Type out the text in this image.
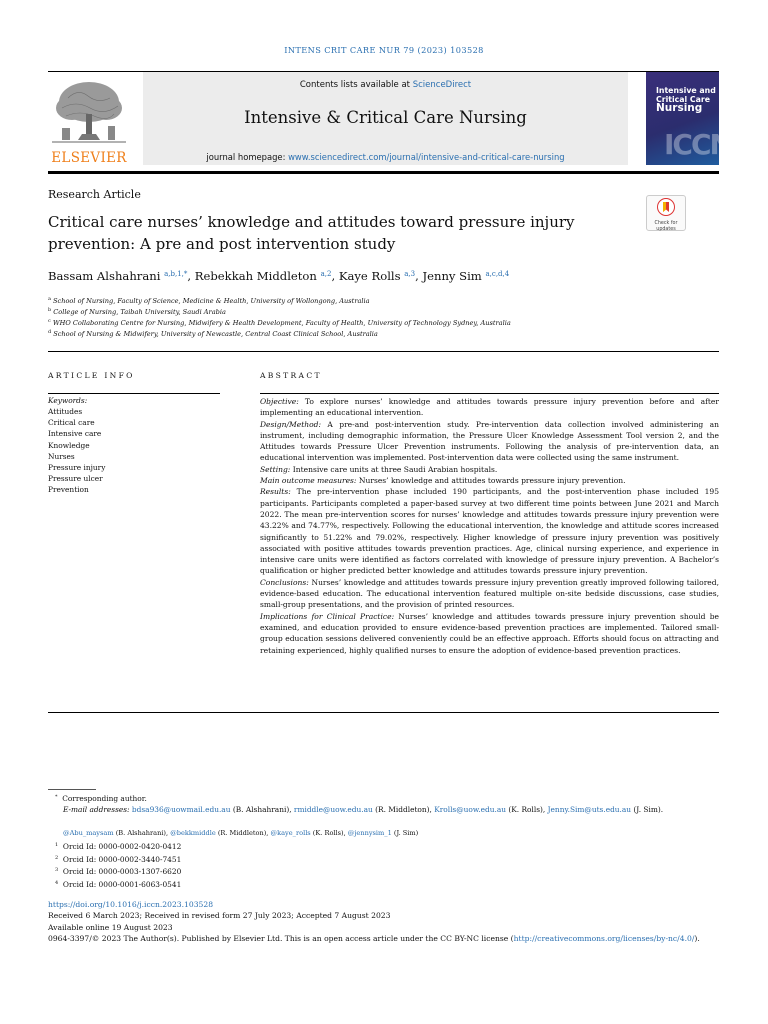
INTENS CRIT CARE NUR 79 (2023) 103528
ELSEVIER
Contents lists available at ScienceDirect
Intensive & Critical Care Nursing
journal homepage: www.sciencedirect.com/journal/intensive-and-critical-care-nursing
Intensive and
Critical Care
Nursing
ICCN
Research Article
Critical care nurses’ knowledge and attitudes toward pressure injury
prevention: A pre and post intervention study
Check for
updates
Bassam Alshahrani $^{a,b,1,*}$, Rebekkah Middleton $^{a,2}$, Kaye Rolls $^{a,3}$, Jenny Sim $^{a,c,d,4}$
$^a$ School of Nursing, Faculty of Science, Medicine & Health, University of Wollongong, Australia
$^b$ College of Nursing, Taibah University, Saudi Arabia
$^c$ WHO Collaborating Centre for Nursing, Midwifery & Health Development, Faculty of Health, University of Technology Sydney, Australia
$^d$ School of Nursing & Midwifery, University of Newcastle, Central Coast Clinical School, Australia
ARTICLE INFO
Keywords:
Attitudes
Critical care
Intensive care
Knowledge
Nurses
Pressure injury
Pressure ulcer
Prevention
ABSTRACT

Objective: To explore nurses’ knowledge and attitudes towards pressure injury prevention before and after implementing an educational intervention.

Design/Method: A pre-and post-intervention study. Pre-intervention data collection involved administering an instrument, including demographic information, the Pressure Ulcer Knowledge Assessment Tool version 2, and the Attitudes towards Pressure Ulcer Prevention instruments. Following the analysis of pre-intervention data, an educational intervention was implemented. Post-intervention data were collected using the same instrument.

Setting: Intensive care units at three Saudi Arabian hospitals.

Main outcome measures: Nurses’ knowledge and attitudes towards pressure injury prevention.

Results: The pre-intervention phase included 190 participants, and the post-intervention phase included 195 participants. Participants completed a paper-based survey at two different time points between June 2021 and March 2022. The mean pre-intervention scores for nurses’ knowledge and attitudes towards pressure injury prevention were 43.22% and 74.77%, respectively. Following the educational intervention, the knowledge and attitude scores increased significantly to 51.22% and 79.02%, respectively. Higher knowledge of pressure injury prevention was positively associated with positive attitudes towards prevention practices. Age, clinical nursing experience, and experience in intensive care units were identified as factors correlated with knowledge of pressure injury prevention. A Bachelor’s qualification or higher predicted better knowledge and attitudes towards pressure injury prevention.

Conclusions: Nurses’ knowledge and attitudes towards pressure injury prevention greatly improved following tailored, evidence-based education. The educational intervention featured multiple on-site bedside discussions, case studies, small-group presentations, and the provision of printed resources.

Implications for Clinical Practice: Nurses’ knowledge and attitudes towards pressure injury prevention should be examined, and education provided to ensure evidence-based prevention practices are implemented. Tailored small-group education sessions delivered conveniently could be an effective approach. Efforts should focus on attracting and retaining experienced, highly qualified nurses to ensure the adoption of evidence-based prevention practices.

* Corresponding author.
E-mail addresses: bdsa936@uowmail.edu.au (B. Alshahrani), rmiddle@uow.edu.au (R. Middleton), Krolls@uow.edu.au (K. Rolls), Jenny.Sim@uts.edu.au (J. Sim).
@Abu_maysam (B. Alshahrani), @bekkmiddle (R. Middleton), @kaye_rolls (K. Rolls), @jennysim_1 (J. Sim)
$^1$ Orcid Id: 0000-0002-0420-0412
$^2$ Orcid Id: 0000-0002-3440-7451
$^3$ Orcid Id: 0000-0003-1307-6620
$^4$ Orcid Id: 0000-0001-6063-0541
https://doi.org/10.1016/j.iccn.2023.103528
Received 6 March 2023; Received in revised form 27 July 2023; Accepted 7 August 2023
Available online 19 August 2023
0964-3397/© 2023 The Author(s). Published by Elsevier Ltd. This is an open access article under the CC BY-NC license (http://creativecommons.org/licenses/by-nc/4.0/).
